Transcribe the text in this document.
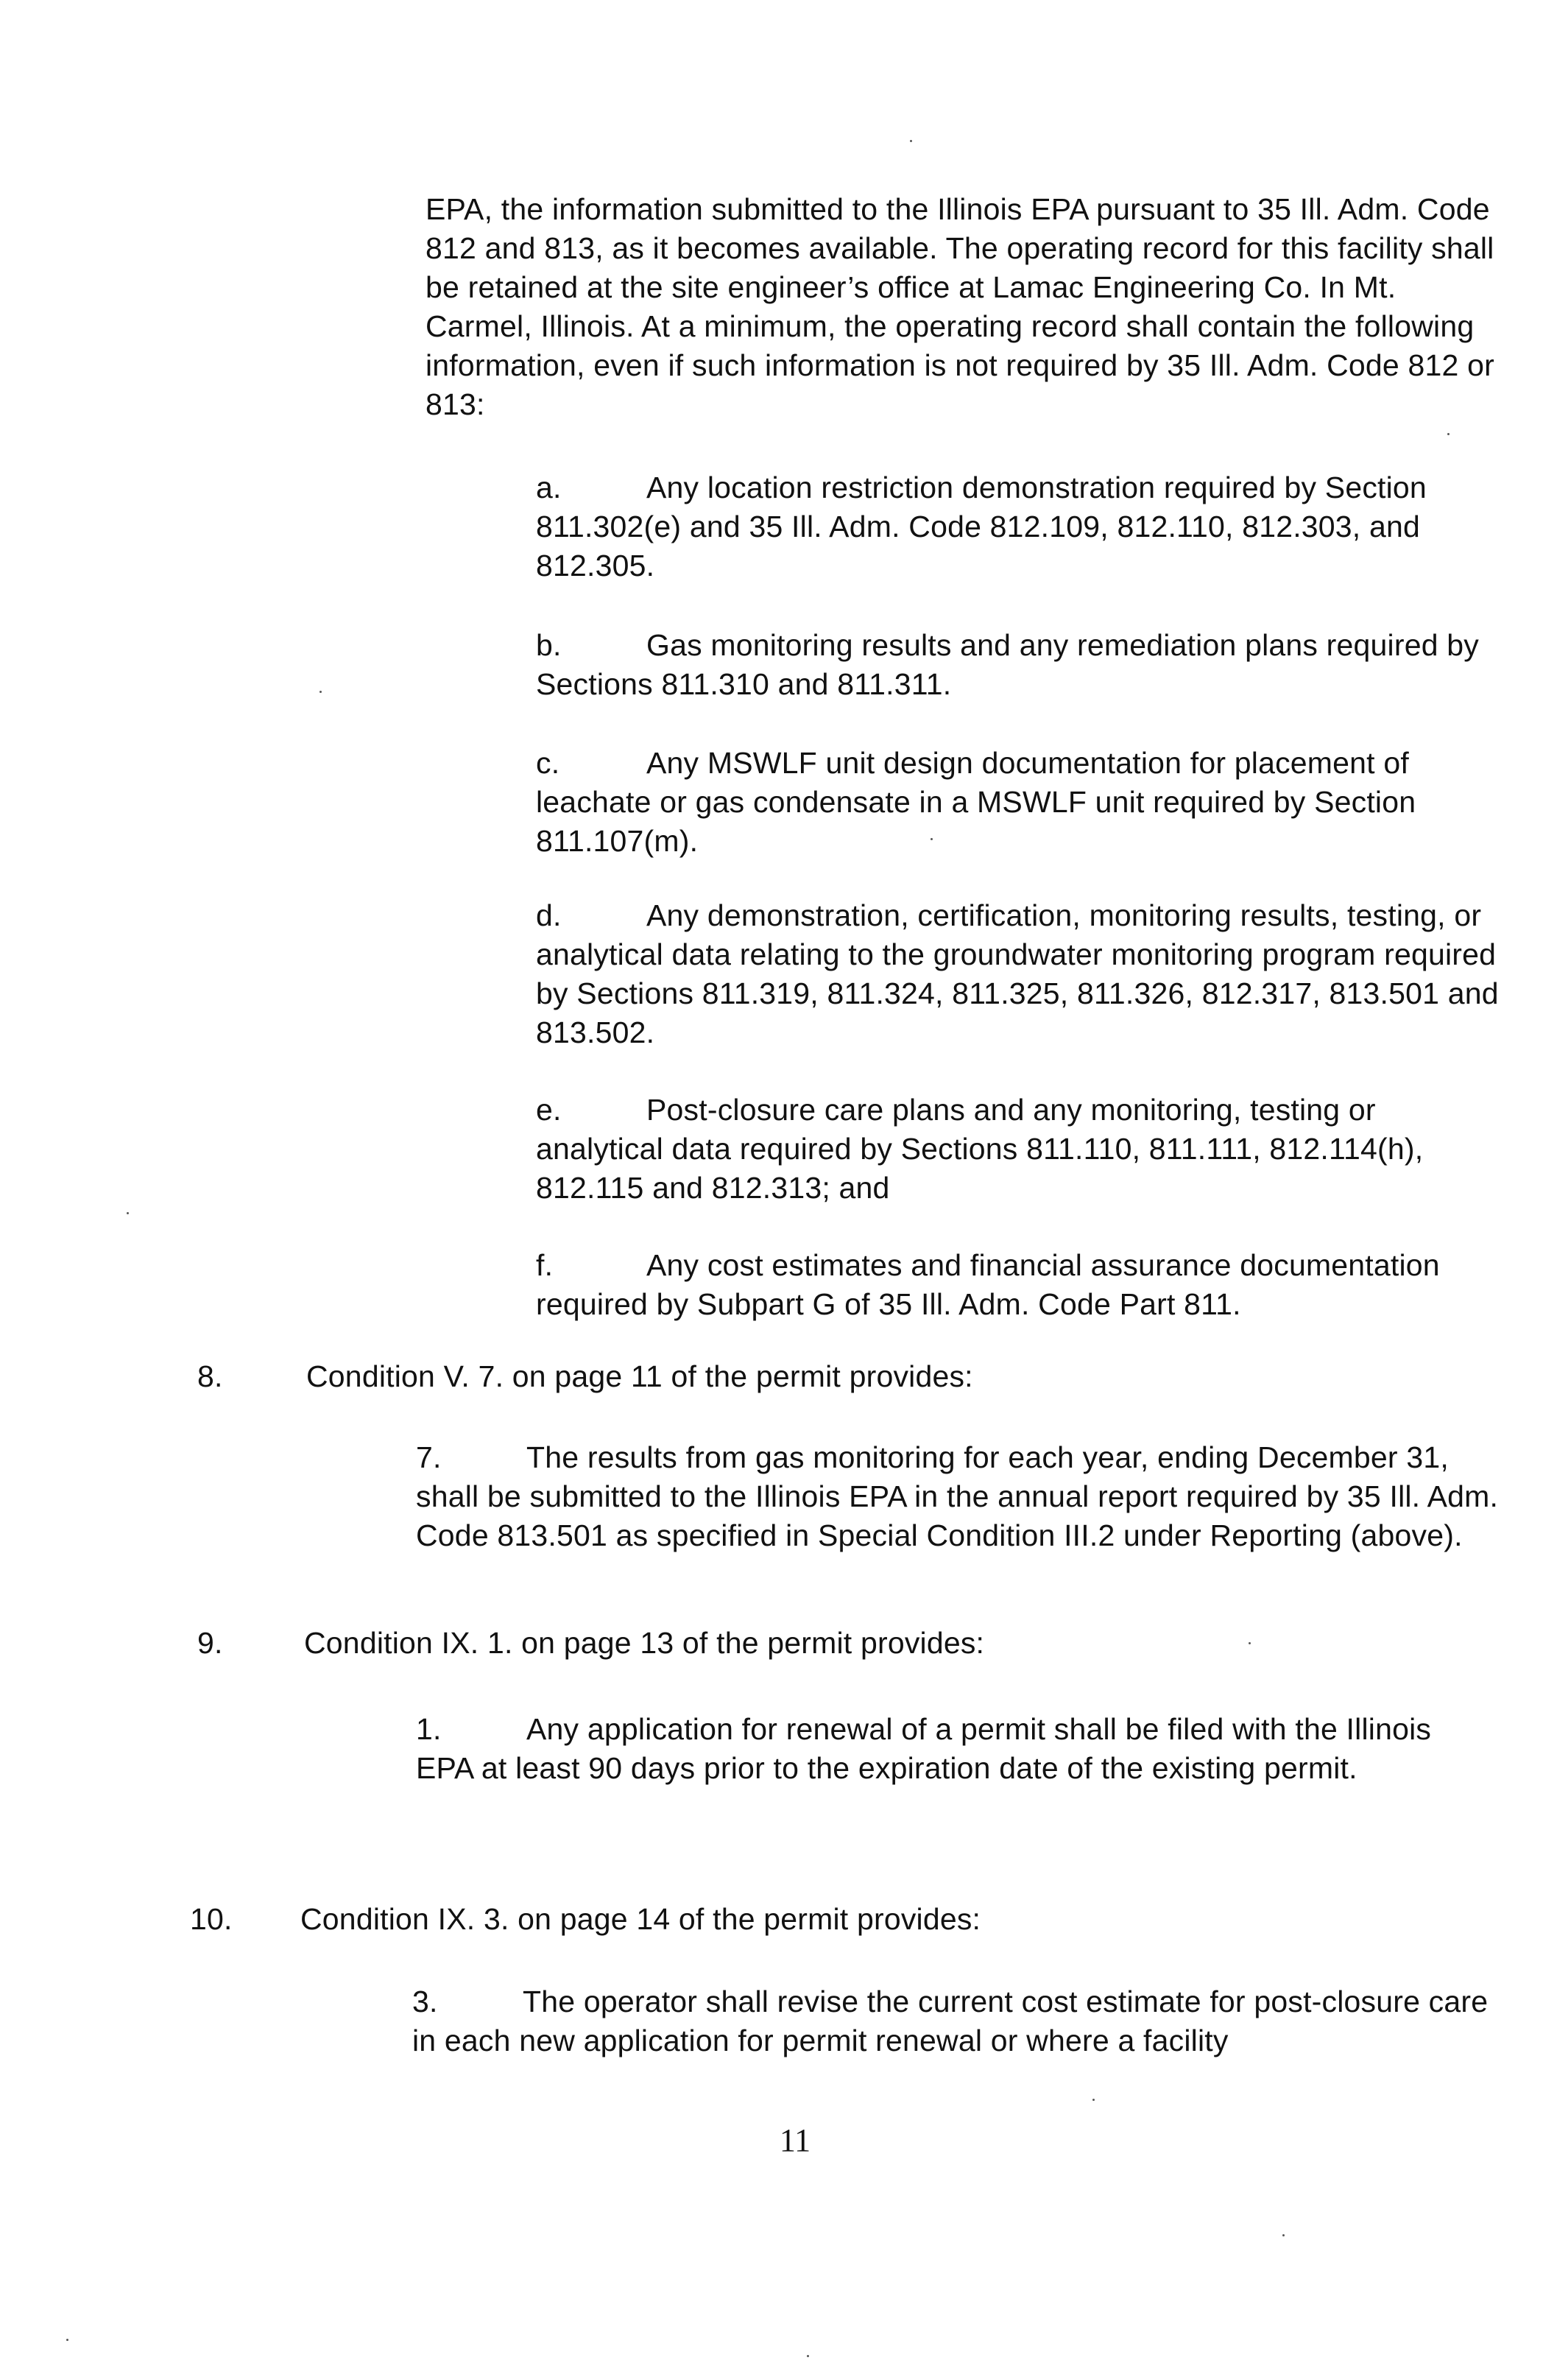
EPA, the information submitted to the Illinois EPA pursuant to 35 Ill. Adm. Code 812 and 813, as it becomes available. The operating record for this facility shall be retained at the site engineer’s office at Lamac Engineering Co. In Mt. Carmel, Illinois. At a minimum, the operating record shall contain the following information, even if such information is not required by 35 Ill. Adm. Code 812 or 813:

a.	Any location restriction demonstration required by Section 811.302(e) and 35 Ill. Adm. Code 812.109, 812.110, 812.303, and 812.305.

b.	Gas monitoring results and any remediation plans required by Sections 811.310 and 811.311.

c.	Any MSWLF unit design documentation for placement of leachate or gas condensate in a MSWLF unit required by Section 811.107(m).

d.	Any demonstration, certification, monitoring results, testing, or analytical data relating to the groundwater monitoring program required by Sections 811.319, 811.324, 811.325, 811.326, 812.317, 813.501 and 813.502.

e.	Post-closure care plans and any monitoring, testing or analytical data required by Sections 811.110, 811.111, 812.114(h), 812.115 and 812.313; and

f.	Any cost estimates and financial assurance documentation required by Subpart G of 35 Ill. Adm. Code Part 811.

8.	Condition V. 7. on page 11 of the permit provides:

7.	The results from gas monitoring for each year, ending December 31, shall be submitted to the Illinois EPA in the annual report required by 35 Ill. Adm. Code 813.501 as specified in Special Condition III.2 under Reporting (above).

9.	Condition IX. 1. on page 13 of the permit provides:

1.	Any application for renewal of a permit shall be filed with the Illinois EPA at least 90 days prior to the expiration date of the existing permit.

10. Condition IX. 3. on page 14 of the permit provides:

3.	The operator shall revise the current cost estimate for post-closure care in each new application for permit renewal or where a facility

11
